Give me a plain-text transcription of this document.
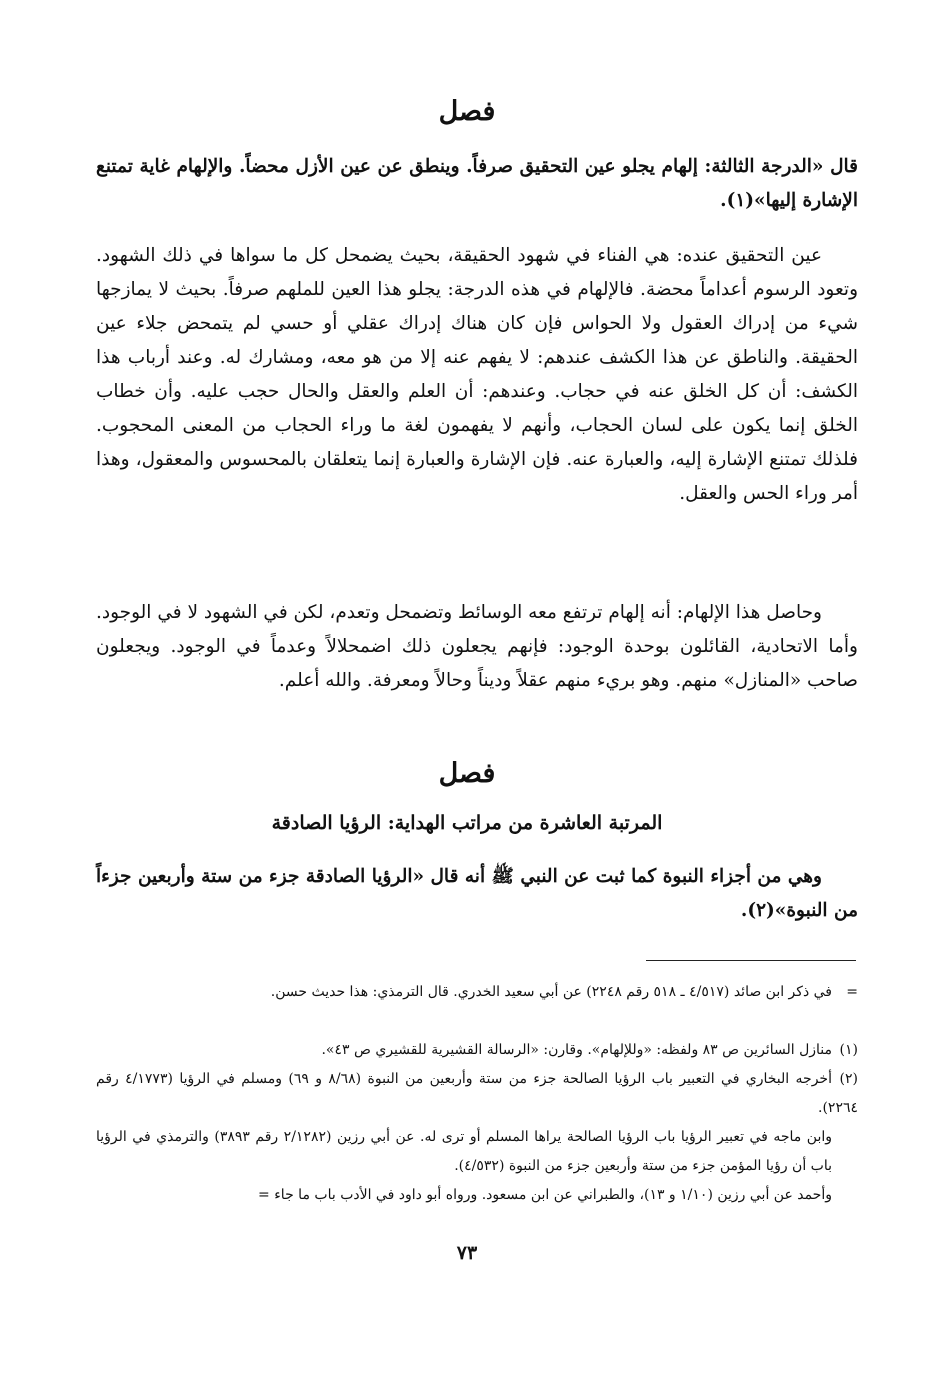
فصل

قال «الدرجة الثالثة: إلهام يجلو عين التحقيق صرفاً. وينطق عن عين الأزل محضاً. والإلهام غاية تمتنع الإشارة إليها»(١).

عين التحقيق عنده: هي الفناء في شهود الحقيقة، بحيث يضمحل كل ما سواها في ذلك الشهود. وتعود الرسوم أعداماً محضة. فالإلهام في هذه الدرجة: يجلو هذا العين للملهم صرفاً. بحيث لا يمازجها شيء من إدراك العقول ولا الحواس فإن كان هناك إدراك عقلي أو حسي لم يتمحض جلاء عين الحقيقة. والناطق عن هذا الكشف عندهم: لا يفهم عنه إلا من هو معه، ومشارك له. وعند أرباب هذا الكشف: أن كل الخلق عنه في حجاب. وعندهم: أن العلم والعقل والحال حجب عليه. وأن خطاب الخلق إنما يكون على لسان الحجاب، وأنهم لا يفهمون لغة ما وراء الحجاب من المعنى المحجوب. فلذلك تمتنع الإشارة إليه، والعبارة عنه. فإن الإشارة والعبارة إنما يتعلقان بالمحسوس والمعقول، وهذا أمر وراء الحس والعقل.

وحاصل هذا الإلهام: أنه إلهام ترتفع معه الوسائط وتضمحل وتعدم، لكن في الشهود لا في الوجود. وأما الاتحادية، القائلون بوحدة الوجود: فإنهم يجعلون ذلك اضمحلالاً وعدماً في الوجود. ويجعلون صاحب «المنازل» منهم. وهو بريء منهم عقلاً وديناً وحالاً ومعرفة. والله أعلم.

فصل
المرتبة العاشرة من مراتب الهداية: الرؤيا الصادقة

وهي من أجزاء النبوة كما ثبت عن النبي ﷺ أنه قال «الرؤيا الصادقة جزء من ستة وأربعين جزءاً من النبوة»(٢).

=في ذكر ابن صائد (٤/٥١٧ ـ ٥١٨ رقم ٢٢٤٨) عن أبي سعيد الخدري. قال الترمذي: هذا حديث حسن.

(١)منازل السائرين ص ٨٣ ولفظه: «وللإلهام». وقارن: «الرسالة القشيرية للقشيري ص ٤٣».

(٢)أخرجه البخاري في التعبير باب الرؤيا الصالحة جزء من ستة وأربعين من النبوة (٨/٦٨ و ٦٩) ومسلم في الرؤيا (٤/١٧٧٣ رقم ٢٢٦٤).

وابن ماجه في تعبير الرؤيا باب الرؤيا الصالحة يراها المسلم أو ترى له. عن أبي رزين (٢/١٢٨٢ رقم ٣٨٩٣) والترمذي في الرؤيا باب أن رؤيا المؤمن جزء من ستة وأربعين جزء من النبوة (٤/٥٣٢).

وأحمد عن أبي رزين (١/١٠ و ١٣)، والطبراني عن ابن مسعود. ورواه أبو داود في الأدب باب ما جاء =

٧٣
